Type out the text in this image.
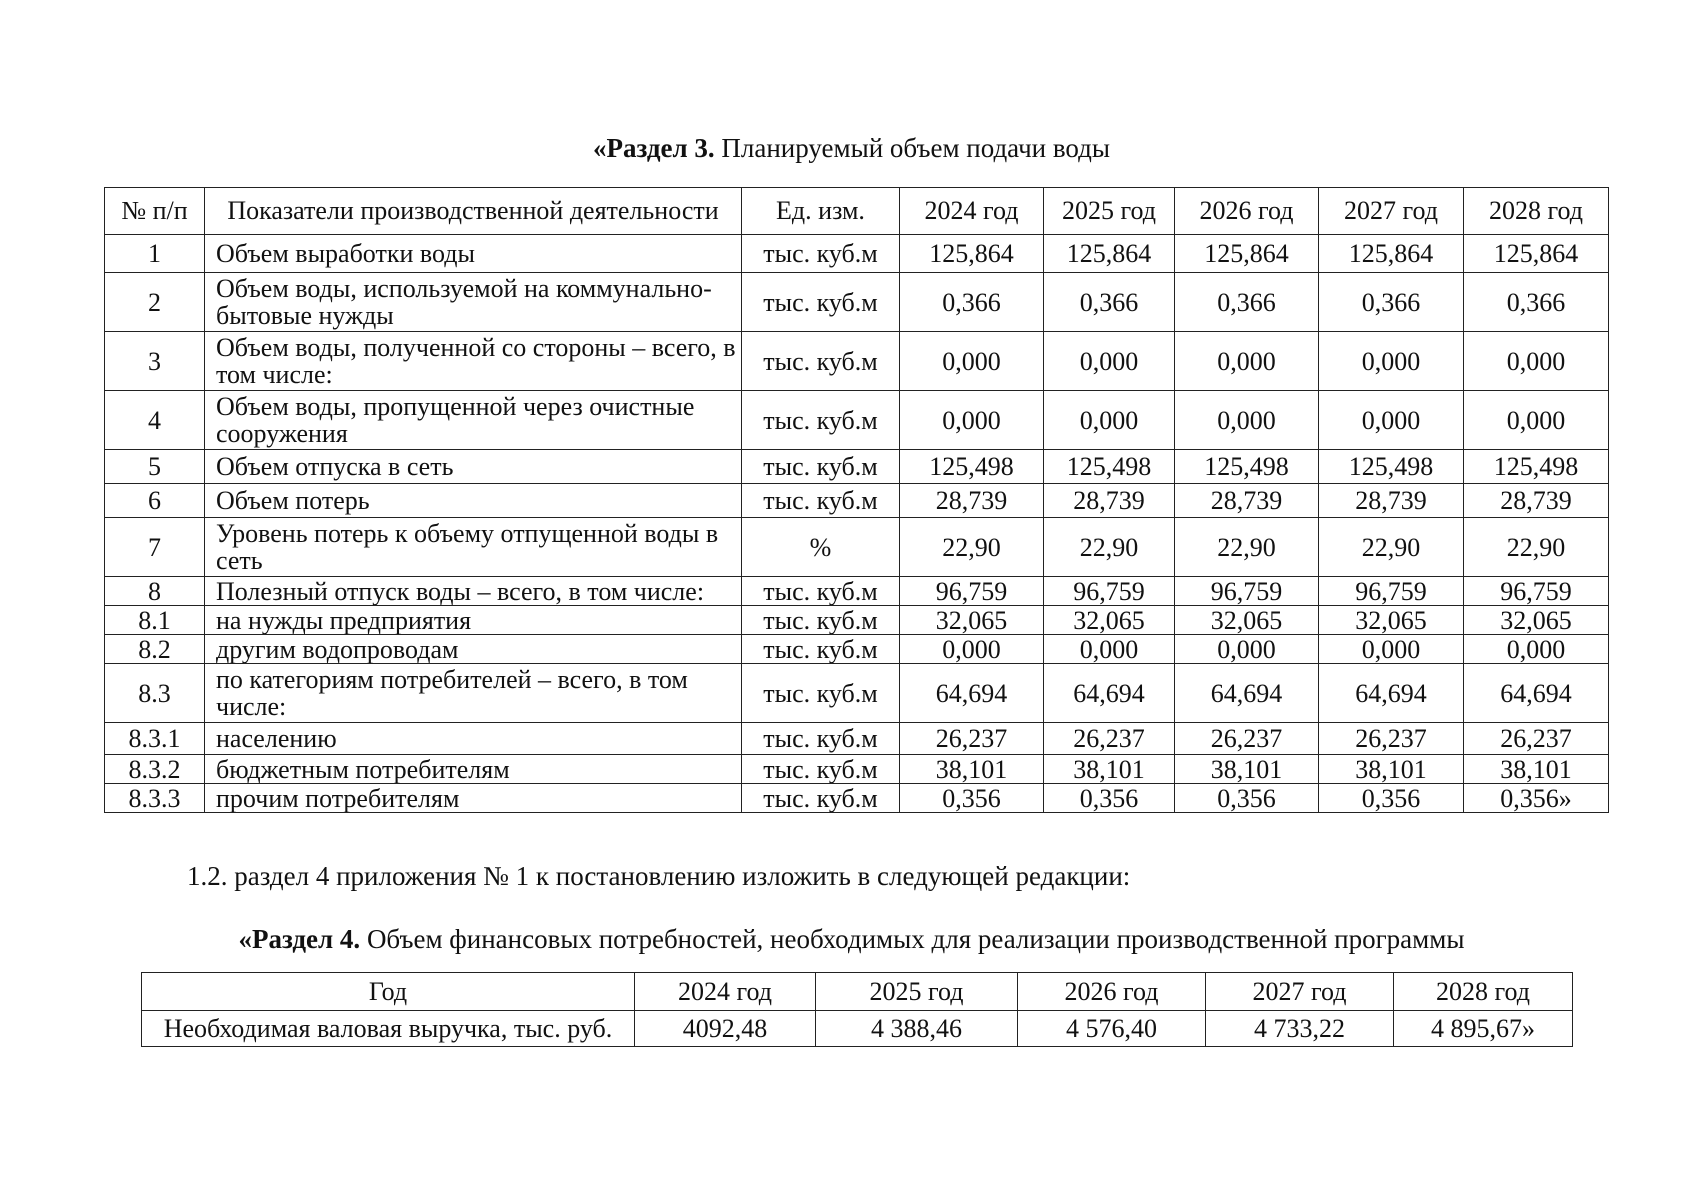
«Раздел 3. Планируемый объем подачи воды
№ п/п	Показатели производственной деятельности	Ед. изм.	2024 год	2025 год	2026 год	2027 год	2028 год
1	Объем выработки воды	тыс. куб.м	125,864	125,864	125,864	125,864	125,864
2	Объем воды, используемой на коммунально-бытовые нужды	тыс. куб.м	0,366	0,366	0,366	0,366	0,366
3	Объем воды, полученной со стороны – всего, в том числе:	тыс. куб.м	0,000	0,000	0,000	0,000	0,000
4	Объем воды, пропущенной через очистные сооружения	тыс. куб.м	0,000	0,000	0,000	0,000	0,000
5	Объем отпуска в сеть	тыс. куб.м	125,498	125,498	125,498	125,498	125,498
6	Объем потерь	тыс. куб.м	28,739	28,739	28,739	28,739	28,739
7	Уровень потерь к объему отпущенной воды в сеть	%	22,90	22,90	22,90	22,90	22,90
8	Полезный отпуск воды – всего, в том числе:	тыс. куб.м	96,759	96,759	96,759	96,759	96,759
8.1	на нужды предприятия	тыс. куб.м	32,065	32,065	32,065	32,065	32,065
8.2	другим водопроводам	тыс. куб.м	0,000	0,000	0,000	0,000	0,000
8.3	по категориям потребителей – всего, в том числе:	тыс. куб.м	64,694	64,694	64,694	64,694	64,694
8.3.1	населению	тыс. куб.м	26,237	26,237	26,237	26,237	26,237
8.3.2	бюджетным потребителям	тыс. куб.м	38,101	38,101	38,101	38,101	38,101
8.3.3	прочим потребителям	тыс. куб.м	0,356	0,356	0,356	0,356	0,356»
1.2. раздел 4 приложения № 1 к постановлению изложить в следующей редакции:
«Раздел 4. Объем финансовых потребностей, необходимых для реализации производственной программы
Год	2024 год	2025 год	2026 год	2027 год	2028 год
Необходимая валовая выручка, тыс. руб.	4092,48	4 388,46	4 576,40	4 733,22	4 895,67»
